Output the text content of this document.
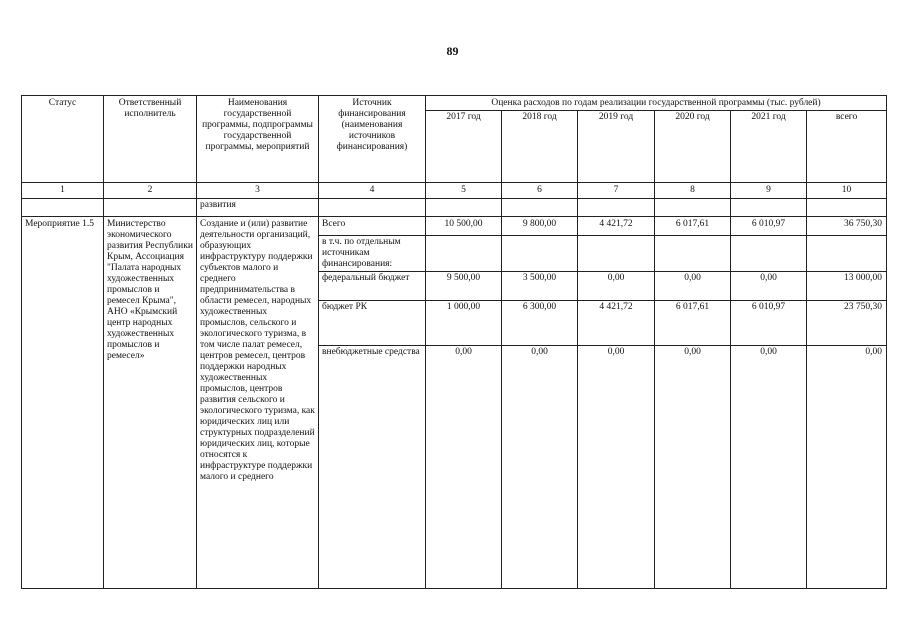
89
Статус	Ответственный исполнитель	Наименования государственной программы, подпрограммы государственной программы, мероприятий	Источник финансирования (наименования источников финансирования)	Оценка расходов по годам реализации государственной программы (тыс. рублей)					
				2017 год	2018 год	2019 год	2020 год	2021 год	всего
1	2	3	4	5	6	7	8	9	10
		развития							
Мероприятие 1.5	Министерство экономического развития Республики Крым, Ассоциация "Палата народных художественных промыслов и ремесел Крыма", АНО «Крымский центр народных художественных промыслов и ремесел»	Создание и (или) развитие деятельности организаций, образующих инфраструктуру поддержки субъектов малого и среднего предпринимательства в области ремесел, народных художественных промыслов, сельского и экологического туризма, в том числе палат ремесел, центров ремесел, центров поддержки народных художественных промыслов, центров развития сельского и экологического туризма, как юридических лиц или структурных подразделений юридических лиц, которые относятся к инфраструктуре поддержки малого и среднего	Всего	10 500,00	9 800,00	4 421,72	6 017,61	6 010,97	36 750,30
			в т.ч. по отдельным источникам финансирования:						
			федеральный бюджет	9 500,00	3 500,00	0,00	0,00	0,00	13 000,00
			бюджет РК	1 000,00	6 300,00	4 421,72	6 017,61	6 010,97	23 750,30
			внебюджетные средства	0,00	0,00	0,00	0,00	0,00	0,00
